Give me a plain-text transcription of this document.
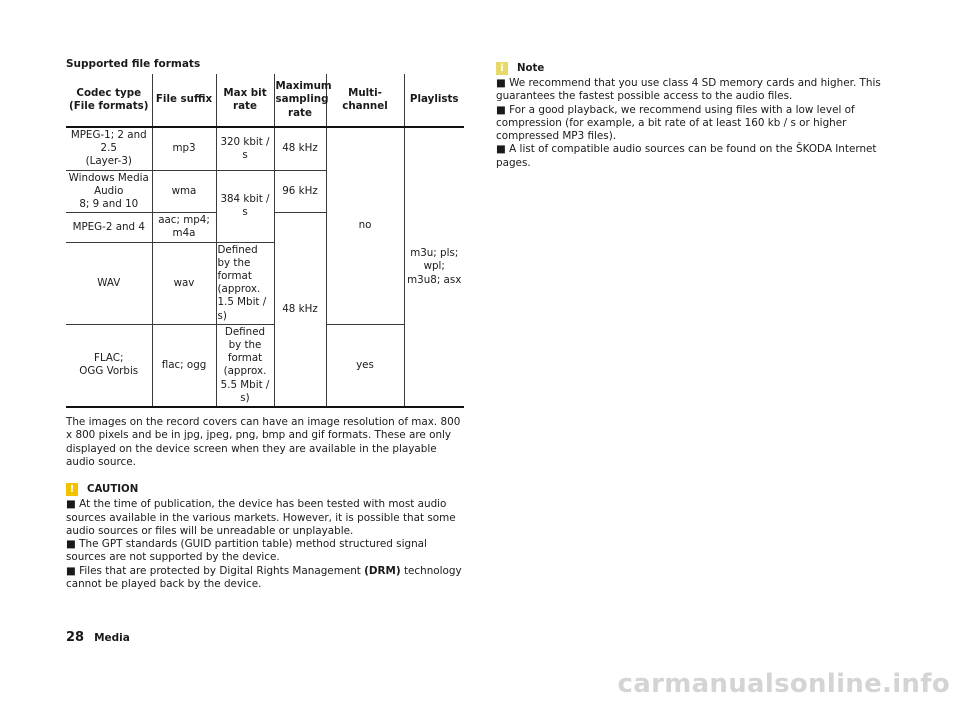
Supported file formats
Codec type
(File formats)	File suffix	Max bit rate	Maximum sampling rate	Multi-channel	Playlists
MPEG-1; 2 and 2.5
(Layer-3)	mp3	320 kbit / s	48 kHz	no	m3u; pls; wpl;
m3u8; asx
Windows Media Audio
8; 9 and 10	wma	384 kbit / s	96 kHz		
MPEG-2 and 4	aac; mp4; m4a		48 kHz		
WAV	wav	Defined by the format (approx. 1.5 Mbit / s)			
FLAC;
OGG Vorbis	flac; ogg	Defined by the format (approx. 5.5 Mbit / s)		yes	

The images on the record covers can have an image resolution of max. 800 x 800 pixels and be in jpg, jpeg, png, bmp and gif formats. These are only displayed on the device screen when they are available in the playable audio source.

!	CAUTION

■ At the time of publication, the device has been tested with most audio sources available in the various markets. However, it is possible that some audio sources or files will be unreadable or unplayable.

■ The GPT standards (GUID partition table) method structured signal sources are not supported by the device.

■ Files that are protected by Digital Rights Management (DRM) technology cannot be played back by the device.

i	Note

■ We recommend that you use class 4 SD memory cards and higher. This guarantees the fastest possible access to the audio files.

■ For a good playback, we recommend using files with a low level of compression (for example, a bit rate of at least 160 kb / s or higher compressed MP3 files).

■ A list of compatible audio sources can be found on the ŠKODA Internet pages.

28 Media
carmanualsonline.info
